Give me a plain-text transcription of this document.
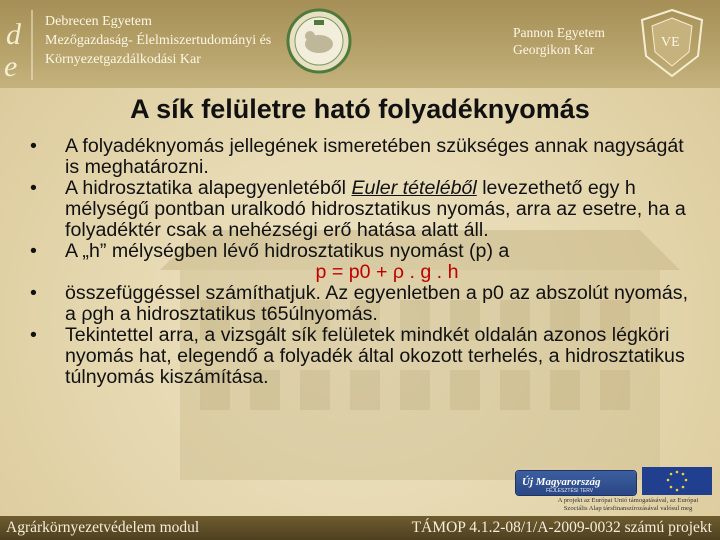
d
e
Debrecen Egyetem
Mezőgazdaság- Élelmiszertudományi és
Környezetgazdálkodási Kar
Pannon Egyetem
Georgikon Kar	VE
A sík felületre ható folyadéknyomás
• A folyadéknyomás jellegének ismeretében szükséges annak nagyságát is meghatározni.
• A hidrosztatika alapegyenletéből Euler tételéből levezethető egy h mélységű pontban uralkodó hidrosztatikus nyomás, arra az esetre, ha a folyadéktér csak a nehézségi erő hatása alatt áll.
• A „h” mélységben lévő hidrosztatikus nyomást (p) a
p = p0 + ρ . g . h
• összefüggéssel számíthatjuk. Az egyenletben a p0 az abszolút nyomás, a ρgh a hidrosztatikus t65úlnyomás.
• Tekintettel arra, a vizsgált sík felületek mindkét oldalán azonos légköri nyomás hat, elegendő a folyadék által okozott terhelés, a hidrosztatikus túlnyomás kiszámítása.
Új Magyarország
FEJLESZTÉSI TERV
A projekt az Európai Unió támogatásával, az Európai
Szociális Alap társfinanszírozásával valósul meg
Agrárkörnyezetvédelem modul	TÁMOP 4.1.2-08/1/A-2009-0032 számú projekt
